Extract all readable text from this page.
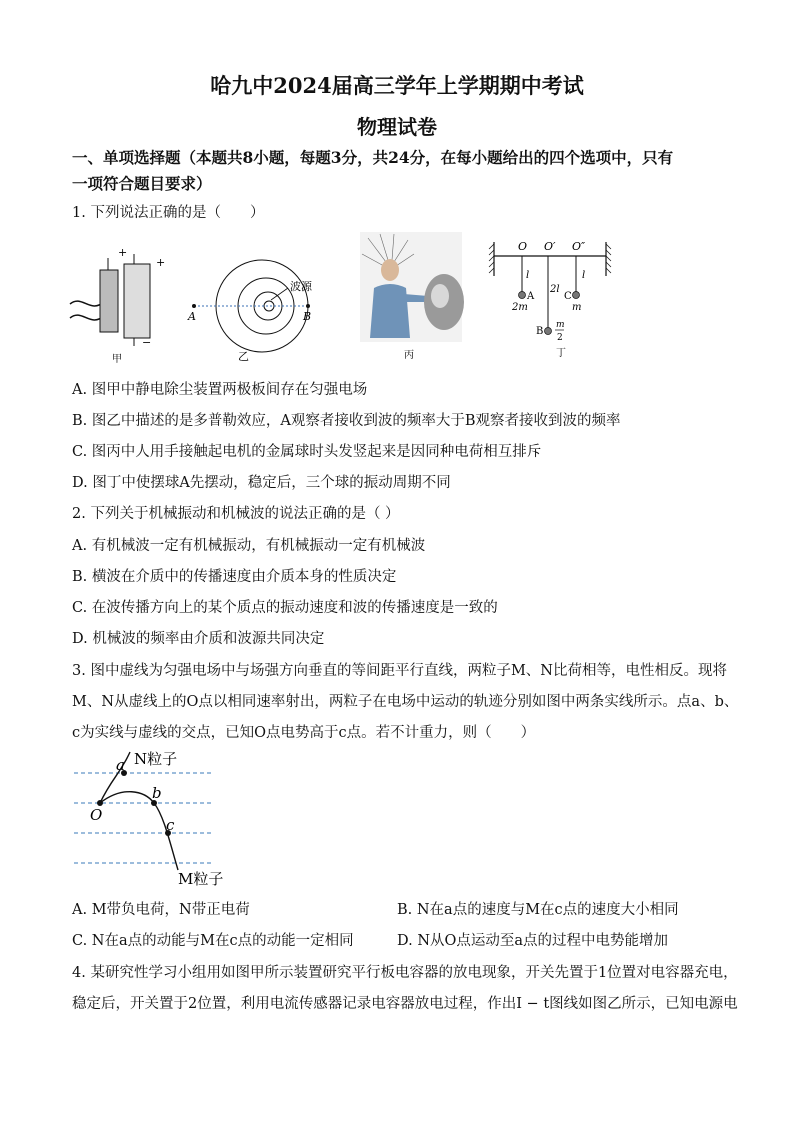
哈九中2024届高三学年上学期期中考试
物理试卷
一、单项选择题（本题共8小题，每题3分，共24分，在每小题给出的四个选项中，只有
一项符合题目要求）
1. 下列说法正确的是（　　）
+
+
−
甲
波源
A	B
乙	丙
O O′ O″
l
2l
l
A
2m
B
m
2
C
m
丁
A. 图甲中静电除尘装置两极板间存在匀强电场
B. 图乙中描述的是多普勒效应，A观察者接收到波的频率大于B观察者接收到波的频率
C. 图丙中人用手接触起电机的金属球时头发竖起来是因同种电荷相互排斥
D. 图丁中使摆球A先摆动，稳定后，三个球的振动周期不同
2. 下列关于机械振动和机械波的说法正确的是（ ）
A. 有机械波一定有机械振动，有机械振动一定有机械波
B. 横波在介质中的传播速度由介质本身的性质决定
C. 在波传播方向上的某个质点的振动速度和波的传播速度是一致的
D. 机械波的频率由介质和波源共同决定
3. 图中虚线为匀强电场中与场强方向垂直的等间距平行直线，两粒子M、N比荷相等，电性相反。现将
M、N从虚线上的O点以相同速率射出，两粒子在电场中运动的轨迹分别如图中两条实线所示。点a、b、
c为实线与虚线的交点，已知O点电势高于c点。若不计重力，则（　　）
O
a
b
c
N粒子
M粒子
A. M带负电荷，N带正电荷	B. N在a点的速度与M在c点的速度大小相同
C. N在a点的动能与M在c点的动能一定相同	D. N从O点运动至a点的过程中电势能增加
4. 某研究性学习小组用如图甲所示装置研究平行板电容器的放电现象，开关先置于1位置对电容器充电，
稳定后，开关置于2位置，利用电流传感器记录电容器放电过程，作出I − t图线如图乙所示，已知电源电
